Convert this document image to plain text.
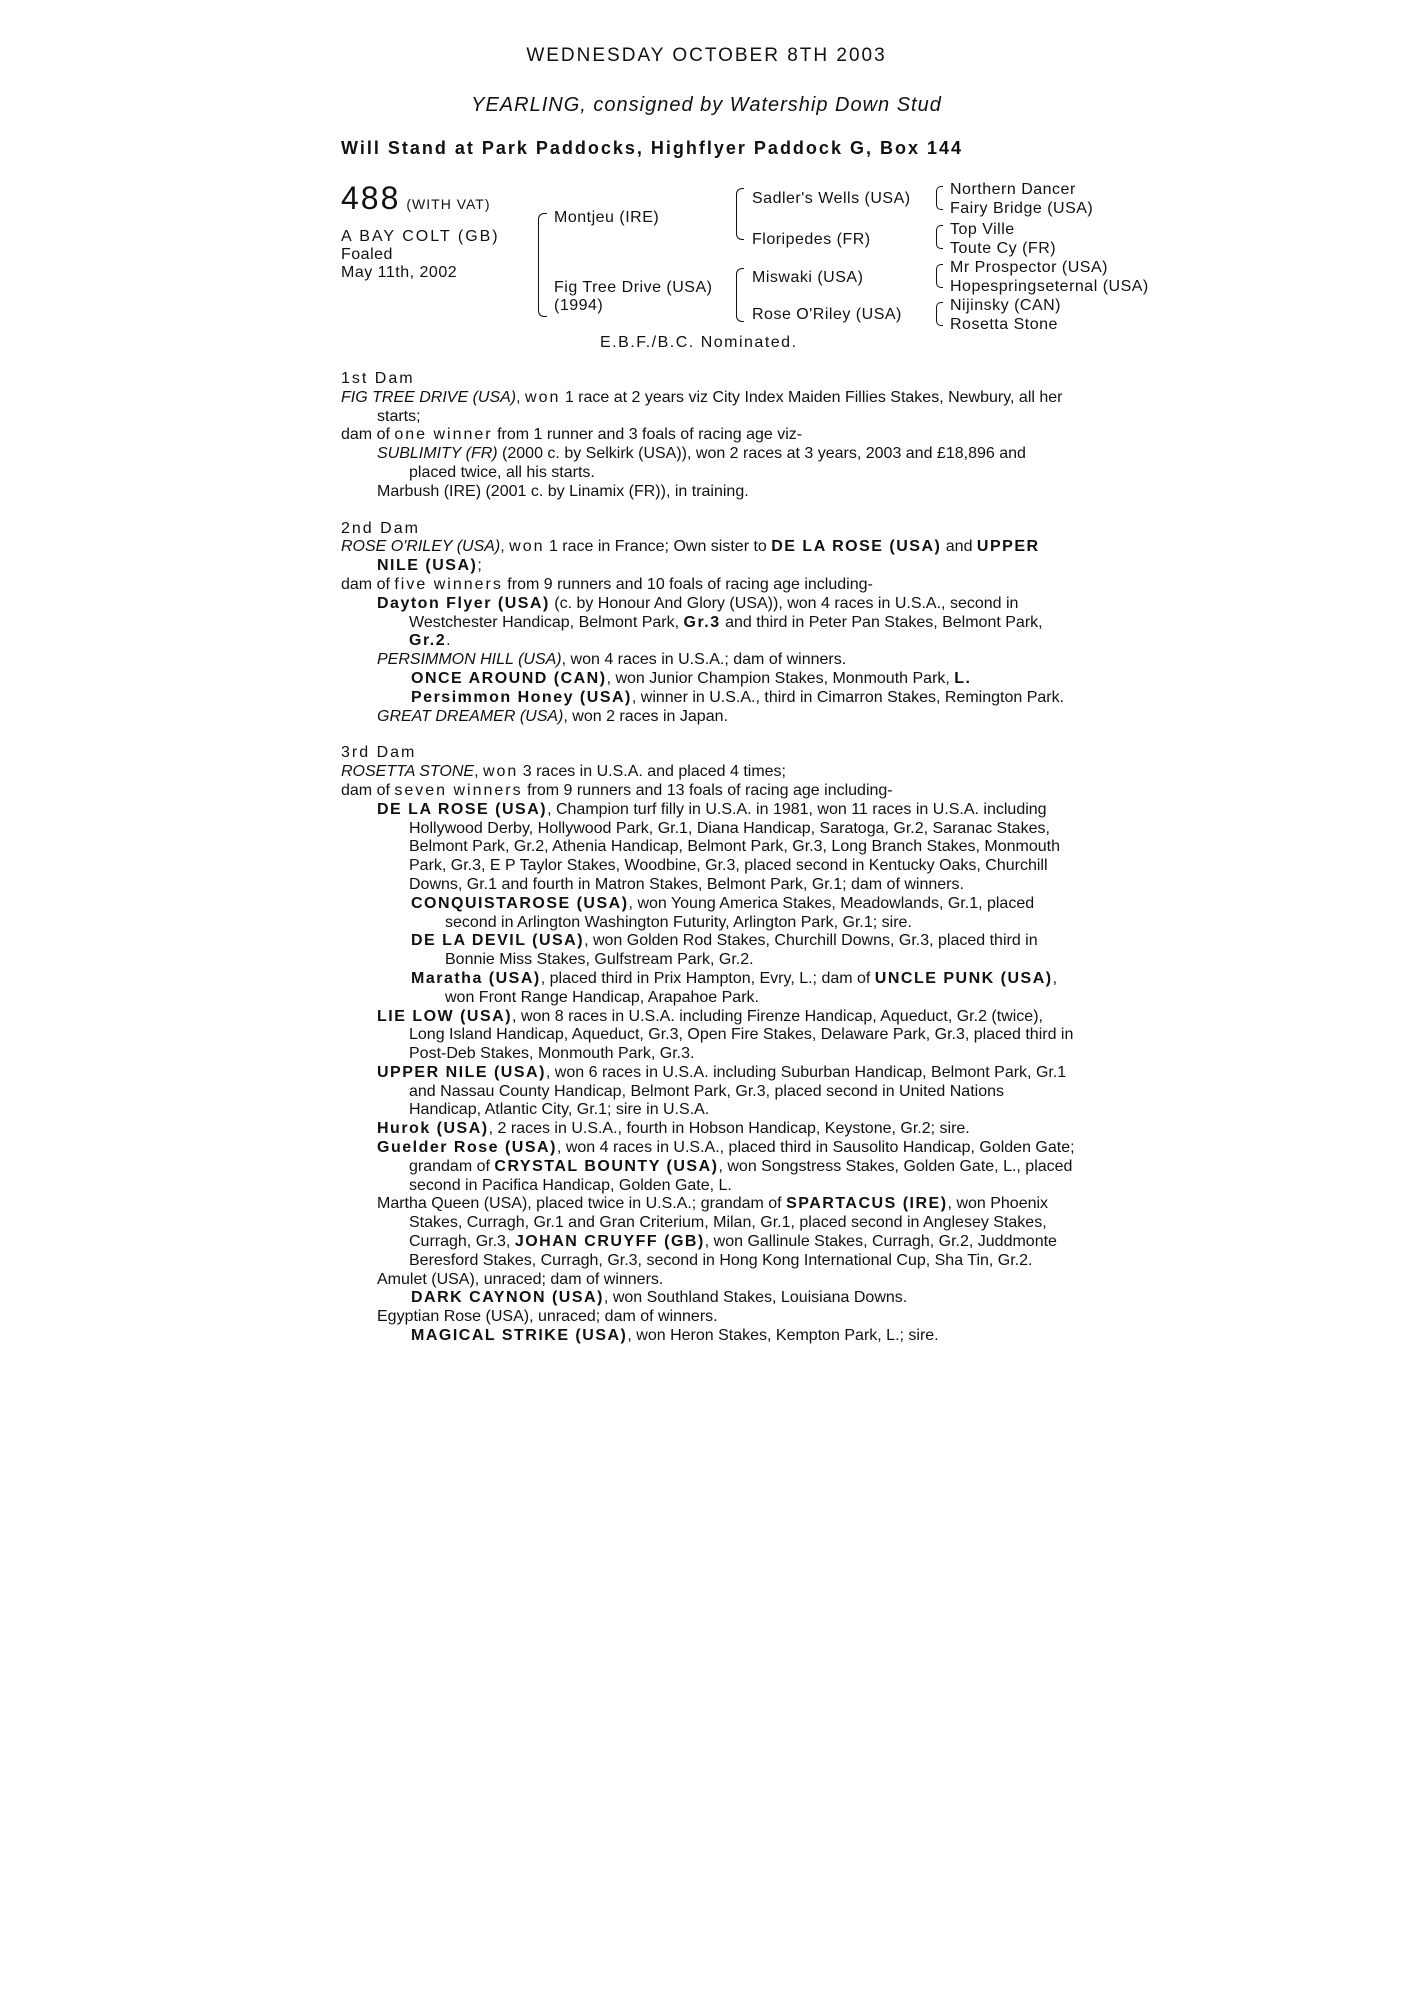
WEDNESDAY OCTOBER 8TH 2003
YEARLING, consigned by Watership Down Stud
Will Stand at Park Paddocks, Highflyer Paddock G, Box 144
488 (WITH VAT)
A BAY COLT (GB)
Foaled
May 11th, 2002
Montjeu (IRE)
Fig Tree Drive (USA)
(1994)
Sadler's Wells (USA)
Floripedes (FR)
Miswaki (USA)
Rose O'Riley (USA)
Northern Dancer
Fairy Bridge (USA)
Top Ville
Toute Cy (FR)
Mr Prospector (USA)
Hopespringseternal (USA)
Nijinsky (CAN)
Rosetta Stone
E.B.F./B.C. Nominated.
1st Dam
FIG TREE DRIVE (USA), won 1 race at 2 years viz City Index Maiden Fillies Stakes, Newbury, all her starts;
dam of one winner from 1 runner and 3 foals of racing age viz-
SUBLIMITY (FR) (2000 c. by Selkirk (USA)), won 2 races at 3 years, 2003 and £18,896 and placed twice, all his starts.
Marbush (IRE) (2001 c. by Linamix (FR)), in training.
2nd Dam
ROSE O'RILEY (USA), won 1 race in France; Own sister to DE LA ROSE (USA) and UPPER NILE (USA);
dam of five winners from 9 runners and 10 foals of racing age including-
Dayton Flyer (USA) (c. by Honour And Glory (USA)), won 4 races in U.S.A., second in Westchester Handicap, Belmont Park, Gr.3 and third in Peter Pan Stakes, Belmont Park, Gr.2.
PERSIMMON HILL (USA), won 4 races in U.S.A.; dam of winners.
ONCE AROUND (CAN), won Junior Champion Stakes, Monmouth Park, L.
Persimmon Honey (USA), winner in U.S.A., third in Cimarron Stakes, Remington Park.
GREAT DREAMER (USA), won 2 races in Japan.
3rd Dam
ROSETTA STONE, won 3 races in U.S.A. and placed 4 times;
dam of seven winners from 9 runners and 13 foals of racing age including-
DE LA ROSE (USA), Champion turf filly in U.S.A. in 1981, won 11 races in U.S.A. including Hollywood Derby, Hollywood Park, Gr.1, Diana Handicap, Saratoga, Gr.2, Saranac Stakes, Belmont Park, Gr.2, Athenia Handicap, Belmont Park, Gr.3, Long Branch Stakes, Monmouth Park, Gr.3, E P Taylor Stakes, Woodbine, Gr.3, placed second in Kentucky Oaks, Churchill Downs, Gr.1 and fourth in Matron Stakes, Belmont Park, Gr.1; dam of winners.
CONQUISTAROSE (USA), won Young America Stakes, Meadowlands, Gr.1, placed second in Arlington Washington Futurity, Arlington Park, Gr.1; sire.
DE LA DEVIL (USA), won Golden Rod Stakes, Churchill Downs, Gr.3, placed third in Bonnie Miss Stakes, Gulfstream Park, Gr.2.
Maratha (USA), placed third in Prix Hampton, Evry, L.; dam of UNCLE PUNK (USA), won Front Range Handicap, Arapahoe Park.
LIE LOW (USA), won 8 races in U.S.A. including Firenze Handicap, Aqueduct, Gr.2 (twice), Long Island Handicap, Aqueduct, Gr.3, Open Fire Stakes, Delaware Park, Gr.3, placed third in Post-Deb Stakes, Monmouth Park, Gr.3.
UPPER NILE (USA), won 6 races in U.S.A. including Suburban Handicap, Belmont Park, Gr.1 and Nassau County Handicap, Belmont Park, Gr.3, placed second in United Nations Handicap, Atlantic City, Gr.1; sire in U.S.A.
Hurok (USA), 2 races in U.S.A., fourth in Hobson Handicap, Keystone, Gr.2; sire.
Guelder Rose (USA), won 4 races in U.S.A., placed third in Sausolito Handicap, Golden Gate; grandam of CRYSTAL BOUNTY (USA), won Songstress Stakes, Golden Gate, L., placed second in Pacifica Handicap, Golden Gate, L.
Martha Queen (USA), placed twice in U.S.A.; grandam of SPARTACUS (IRE), won Phoenix Stakes, Curragh, Gr.1 and Gran Criterium, Milan, Gr.1, placed second in Anglesey Stakes, Curragh, Gr.3, JOHAN CRUYFF (GB), won Gallinule Stakes, Curragh, Gr.2, Juddmonte Beresford Stakes, Curragh, Gr.3, second in Hong Kong International Cup, Sha Tin, Gr.2.
Amulet (USA), unraced; dam of winners.
DARK CAYNON (USA), won Southland Stakes, Louisiana Downs.
Egyptian Rose (USA), unraced; dam of winners.
MAGICAL STRIKE (USA), won Heron Stakes, Kempton Park, L.; sire.
